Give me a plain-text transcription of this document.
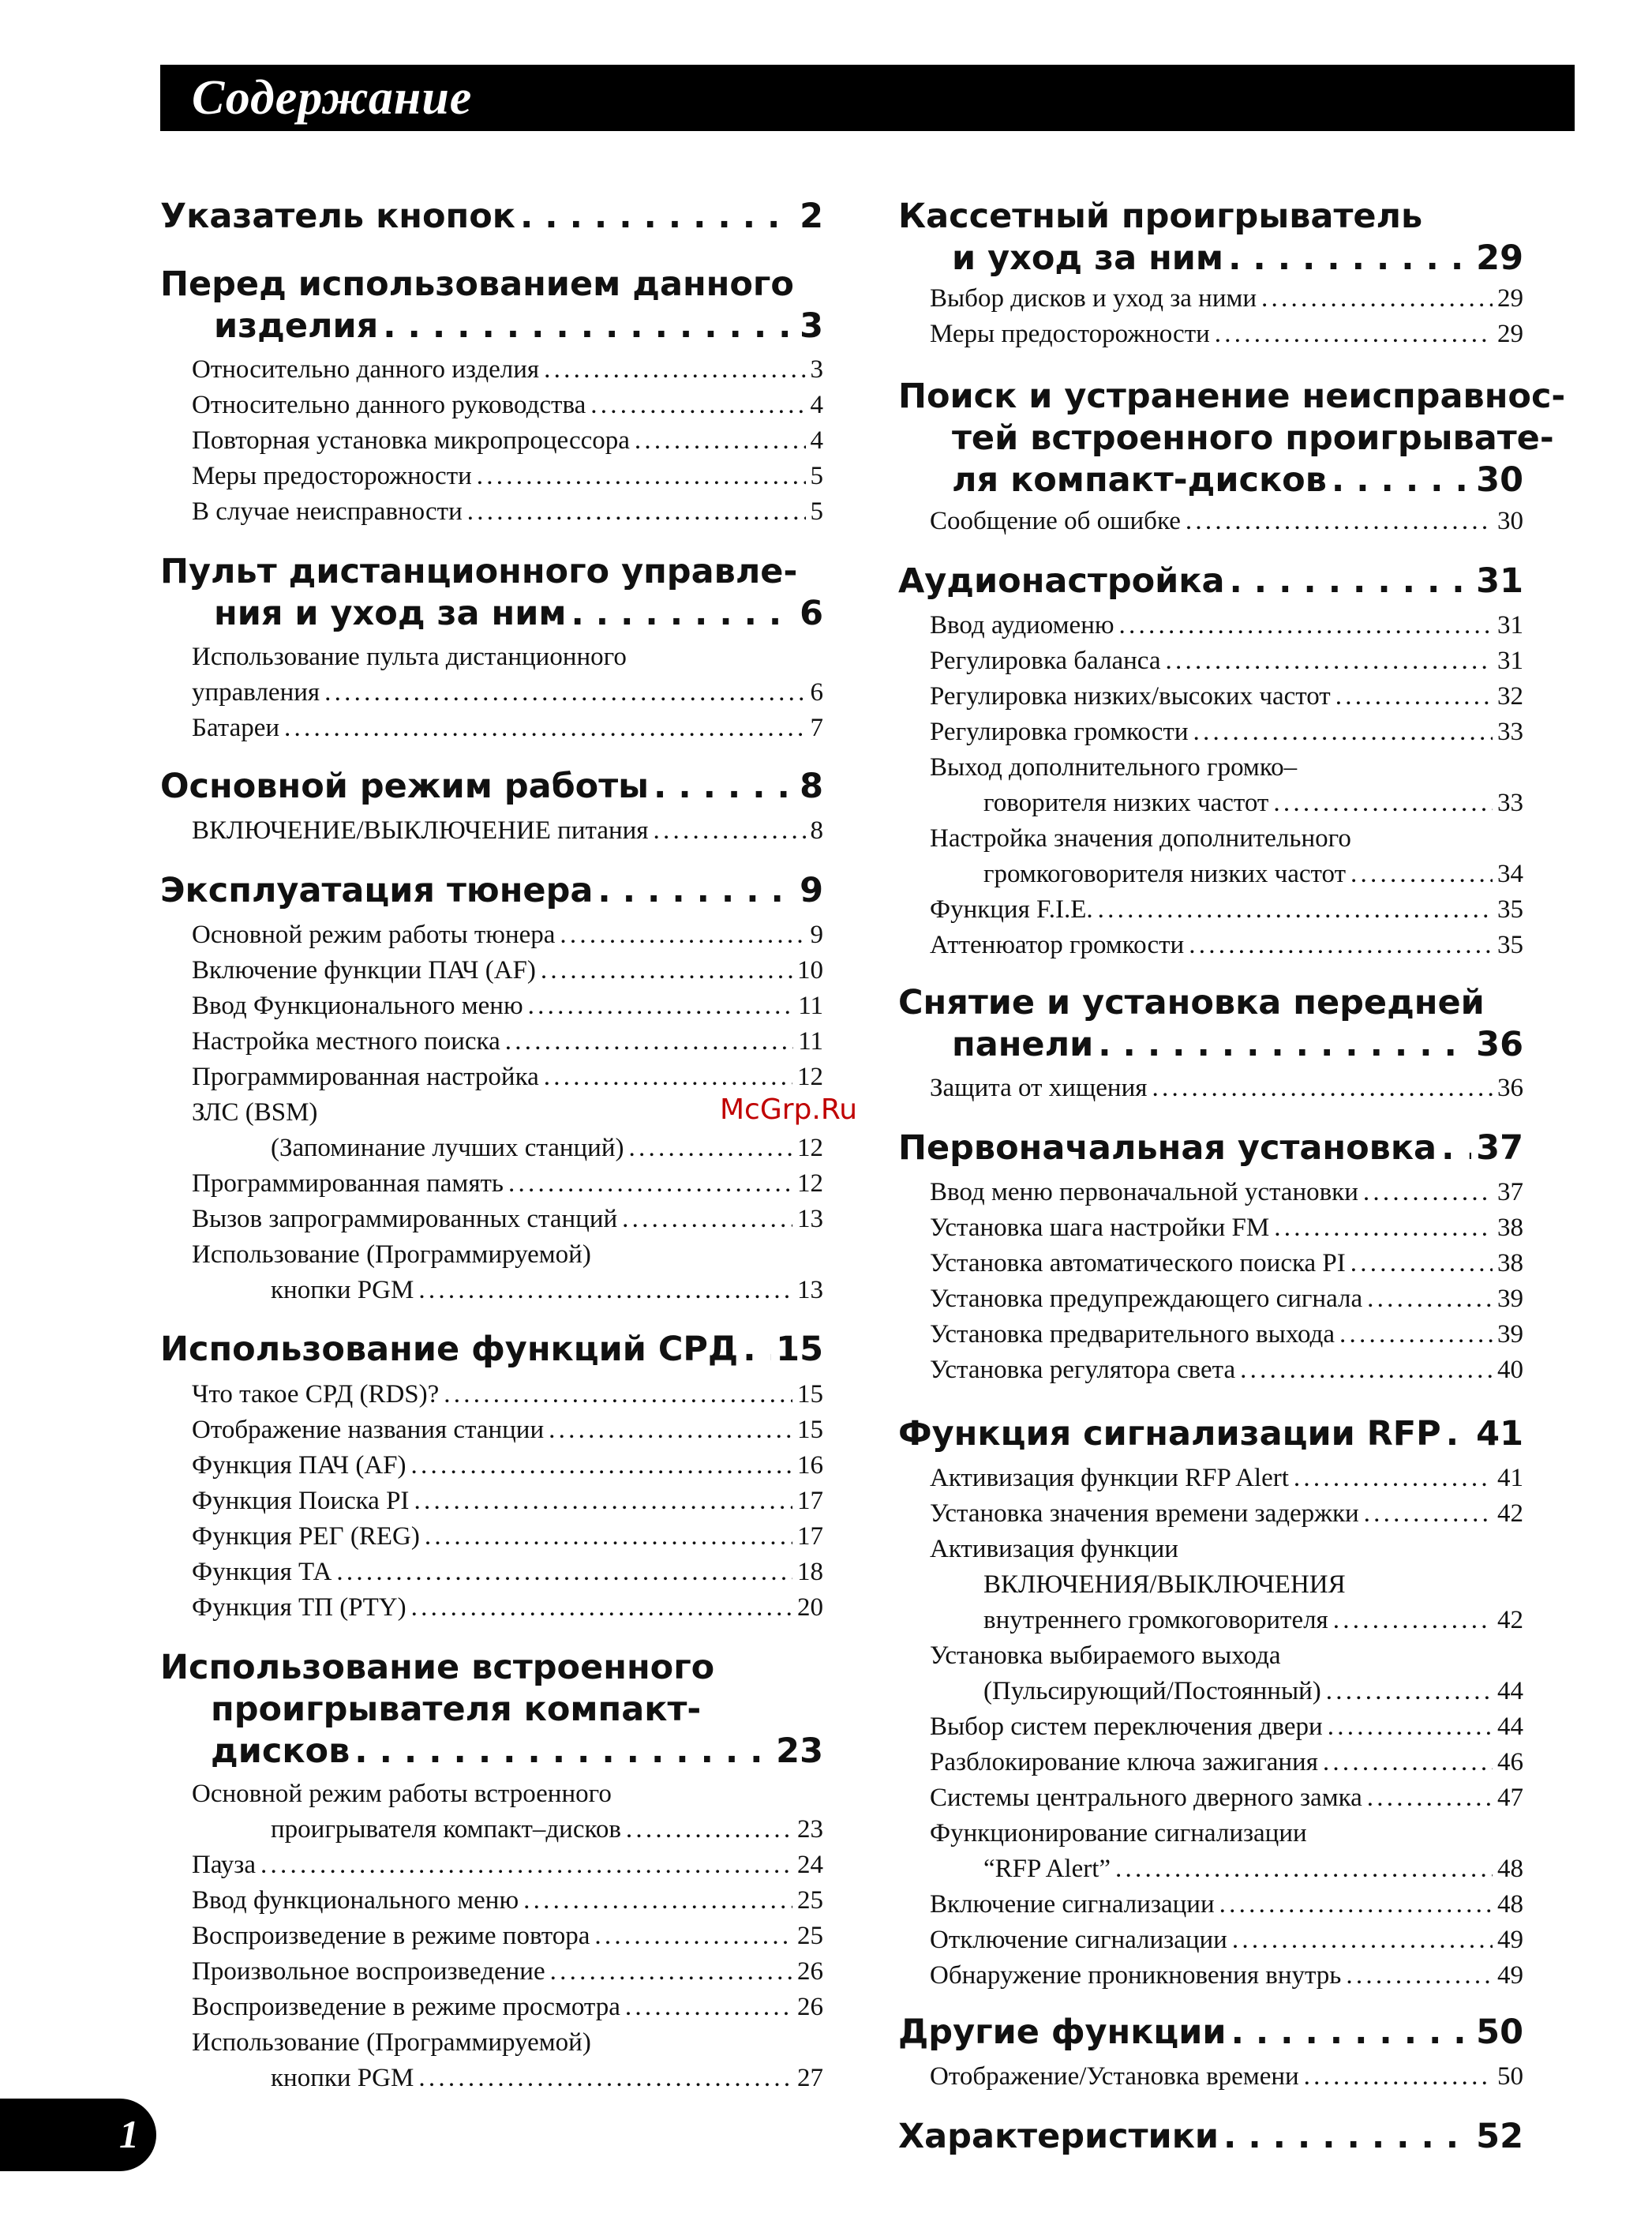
Содержание
Указатель кнопок . . .	2
Перед использованием данного
изделия . . .	3
Относительно данного изделия . . .	3
Относительно данного руководства . . .	4
Повторная установка микропроцессора . . .	4
Меры предосторожности . . .	5
В случае неисправности . . .	5
Пульт дистанционного управле-
ния и уход за ним . . .	6
Использование пульта дистанционного
управления . . .	6
Батареи . . .	7
Основной режим работы . . .	8
ВКЛЮЧЕНИЕ/ВЫКЛЮЧЕНИЕ питания . . .	8
Эксплуатация тюнера . . .	9
Основной режим работы тюнера . . .	9
Включение функции ПАЧ (AF) . . .	10
Ввод Функционального меню . . .	11
Настройка местного поиска . . .	11
Программированная настройка . . .	12
ЗЛС (BSM)
(Запоминание лучших станций) . . .	12
Программированная память . . .	12
Вызов запрограммированных станций . . .	13
Использование (Программируемой)
кнопки PGM . . .	13
Использование функций СРД . . . 15
Что такое СРД (RDS)? . . .	15
Отображение названия станции . . .	15
Функция ПАЧ (AF) . . .	16
Функция Поиска PI . . .	17
Функция РЕГ (REG) . . .	17
Функция ТА . . .	18
Функция ТП (PTY) . . .	20
Использование встроенного
проигрывателя компакт-
дисков . . .	23
Основной режим работы встроенного
проигрывателя компакт–дисков . . .	23
Пауза . . .	24
Ввод функционального меню . . .	25
Воспроизведение в режиме повтора . . .	25
Произвольное воспроизведение . . .	26
Воспроизведение в режиме просмотра . . .	26
Использование (Программируемой)
кнопки PGM . . .	27
Кассетный проигрыватель
и уход за ним . . .	29
Выбор дисков и уход за ними . . .	29
Меры предосторожности . . .	29
Поиск и устранение неисправнос-
тей встроенного проигрывате-
ля компакт-дисков . . .	30
Сообщение об ошибке . . .	30
Аудионастройка . . .	31
Ввод аудиоменю . . .	31
Регулировка баланса . . .	31
Регулировка низких/высоких частот . . .	32
Регулировка громкости . . .	33
Выход дополнительного громко–
говорителя низких частот . . .	33
Настройка значения дополнительного
громкоговорителя низких частот . . .	34
Функция F.I.E. . . .	35
Аттенюатор громкости . . .	35
Снятие и установка передней
панели . . .	36
Защита от хищения . . .	36
Первоначальная установка . . . 37
Ввод меню первоначальной установки . . .	37
Установка шага настройки FM . . .	38
Установка автоматического поиска PI . . .	38
Установка предупреждающего сигнала . . .	39
Установка предварительного выхода . . .	39
Установка регулятора света . . .	40
Функция сигнализации RFP . . . 41
Активизация функции RFP Alert . . .	41
Установка значения времени задержки . . .	42
Активизация функции
ВКЛЮЧЕНИЯ/ВЫКЛЮЧЕНИЯ
внутреннего громкоговорителя . . .	42
Установка выбираемого выхода
(Пульсирующий/Постоянный) . . .	44
Выбор систем переключения двери . . .	44
Разблокирование ключа зажигания . . .	46
Системы центрального дверного замка . . .	47
Функционирование сигнализации
“RFP Alert” . . .	48
Включение сигнализации . . .	48
Отключение сигнализации . . .	49
Обнаружение проникновения внутрь . . .	49
Другие функции . . .	50
Отображение/Установка времени . . .	50
Характеристики . . .	52
McGrp.Ru
1
